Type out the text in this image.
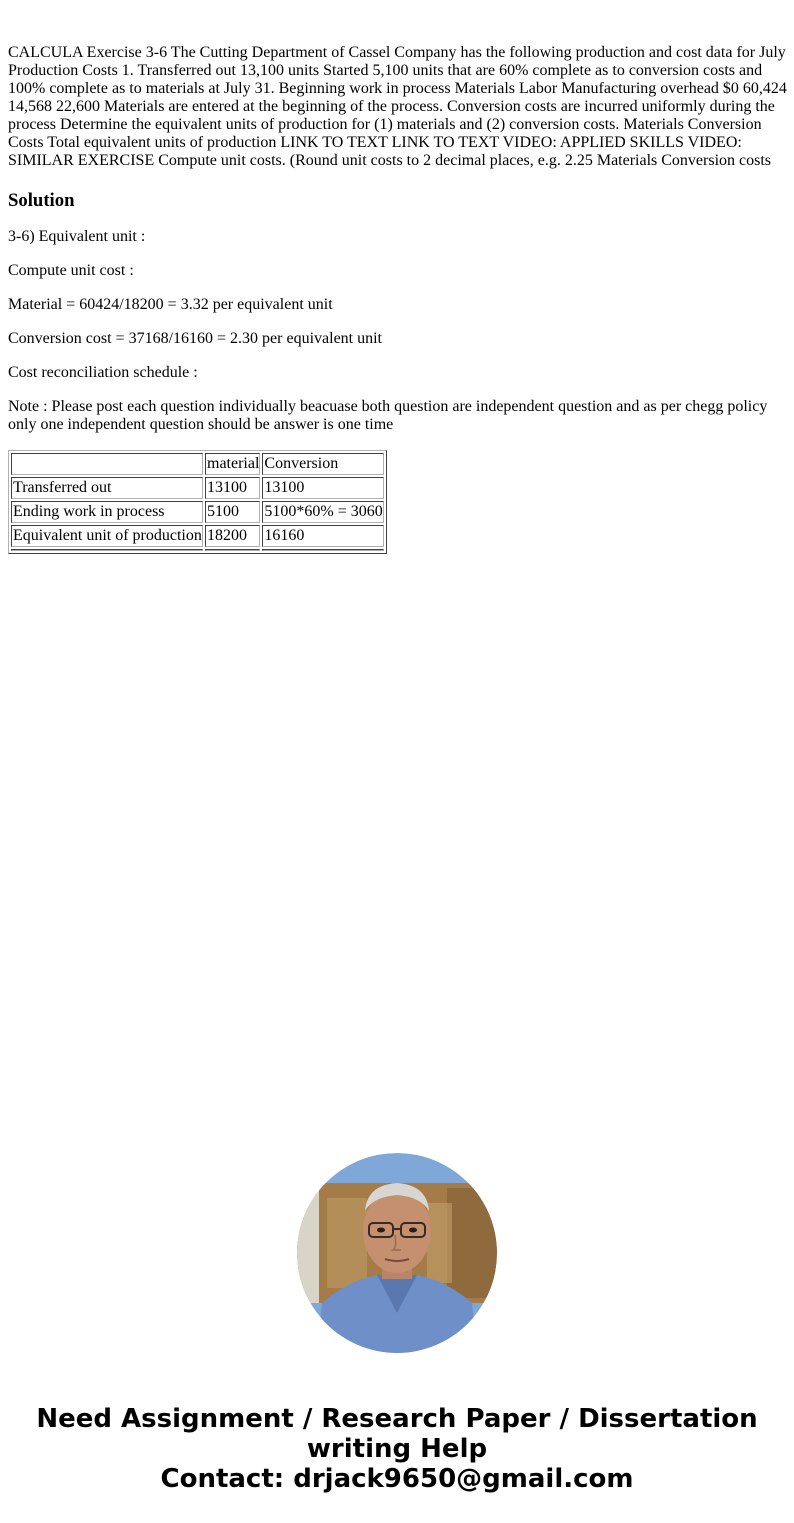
CALCULA Exercise 3-6 The Cutting Department of Cassel Company has the following production and cost data for July Production Costs 1. Transferred out 13,100 units Started 5,100 units that are 60% complete as to conversion costs and 100% complete as to materials at July 31. Beginning work in process Materials Labor Manufacturing overhead $0 60,424 14,568 22,600 Materials are entered at the beginning of the process. Conversion costs are incurred uniformly during the process Determine the equivalent units of production for (1) materials and (2) conversion costs. Materials Conversion Costs Total equivalent units of production LINK TO TEXT LINK TO TEXT VIDEO: APPLIED SKILLS VIDEO: SIMILAR EXERCISE Compute unit costs. (Round unit costs to 2 decimal places, e.g. 2.25 Materials Conversion costs

Solution

3-6) Equivalent unit :

Compute unit cost :

Material = 60424/18200 = 3.32 per equivalent unit

Conversion cost = 37168/16160 = 2.30 per equivalent unit

Cost reconciliation schedule :

Note : Please post each question individually beacuase both question are independent question and as per chegg policy only one independent question should be answer is one time

	material	Conversion
Transferred out	13100	13100
Ending work in process	5100	5100*60% = 3060
Equivalent unit of production	18200	16160

Need Assignment / Research Paper / Dissertation
writing Help
Contact: drjack9650@gmail.com
